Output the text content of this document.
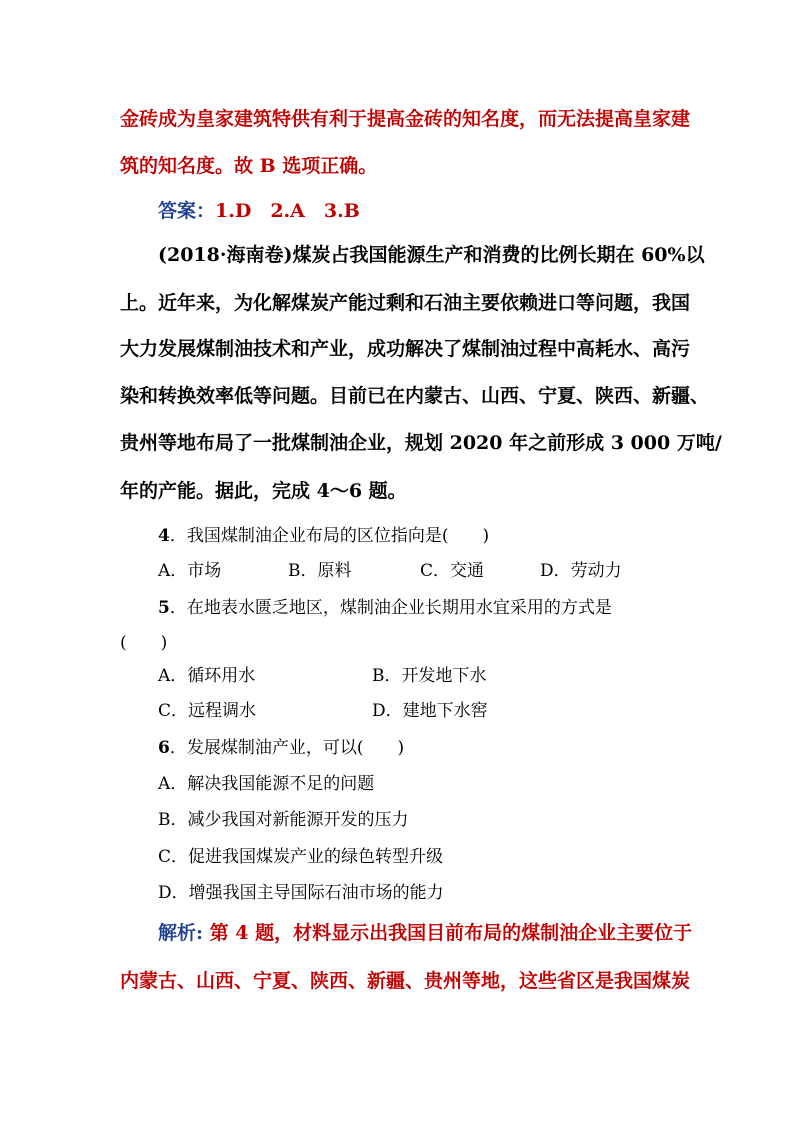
金砖成为皇家建筑特供有利于提高金砖的知名度，而无法提高皇家建
筑的知名度。故 B 选项正确。
答案：1.D　2.A　3.B
(2018·海南卷)煤炭占我国能源生产和消费的比例长期在 60%以
上。近年来，为化解煤炭产能过剩和石油主要依赖进口等问题，我国
大力发展煤制油技术和产业，成功解决了煤制油过程中高耗水、高污
染和转换效率低等问题。目前已在内蒙古、山西、宁夏、陕西、新疆、
贵州等地布局了一批煤制油企业，规划 2020 年之前形成 3 000 万吨/
年的产能。据此，完成 4～6 题。
4．我国煤制油企业布局的区位指向是(　　)
A．市场	B．原料	C．交通	D．劳动力
5．在地表水匮乏地区，煤制油企业长期用水宜采用的方式是
(　　)
A．循环用水	B．开发地下水
C．远程调水	D．建地下水窖
6．发展煤制油产业，可以(　　)
A．解决我国能源不足的问题
B．减少我国对新能源开发的压力
C．促进我国煤炭产业的绿色转型升级
D．增强我国主导国际石油市场的能力
解析: 第 4 题，材料显示出我国目前布局的煤制油企业主要位于
内蒙古、山西、宁夏、陕西、新疆、贵州等地，这些省区是我国煤炭
